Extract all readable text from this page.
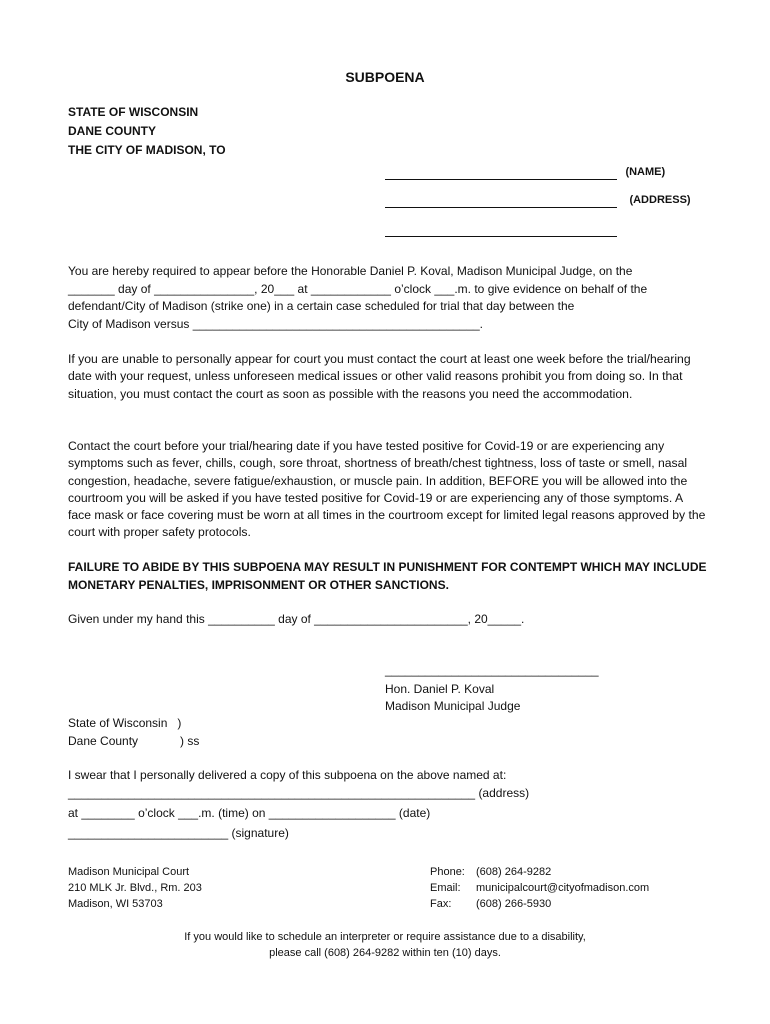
SUBPOENA
STATE OF WISCONSIN
DANE COUNTY
THE CITY OF MADISON, TO
(NAME)
(ADDRESS)
You are hereby required to appear before the Honorable Daniel P. Koval, Madison Municipal Judge, on the
_______ day of _______________, 20___ at ____________ o’clock ___.m. to give evidence on behalf of the
defendant/City of Madison (strike one) in a certain case scheduled for trial that day between the
City of Madison versus ___________________________________________.
If you are unable to personally appear for court you must contact the court at least one week before the trial/hearing date with your request, unless unforeseen medical issues or other valid reasons prohibit you from doing so. In that situation, you must contact the court as soon as possible with the reasons you need the accommodation.
Contact the court before your trial/hearing date if you have tested positive for Covid-19 or are experiencing any symptoms such as fever, chills, cough, sore throat, shortness of breath/chest tightness, loss of taste or smell, nasal congestion, headache, severe fatigue/exhaustion, or muscle pain. In addition, BEFORE you will be allowed into the courtroom you will be asked if you have tested positive for Covid-19 or are experiencing any of those symptoms. A face mask or face covering must be worn at all times in the courtroom except for limited legal reasons approved by the court with proper safety protocols.
FAILURE TO ABIDE BY THIS SUBPOENA MAY RESULT IN PUNISHMENT FOR CONTEMPT WHICH MAY INCLUDE MONETARY PENALTIES, IMPRISONMENT OR OTHER SANCTIONS.
Given under my hand this __________ day of _______________________, 20_____.
________________________________
Hon. Daniel P. Koval
Madison Municipal Judge
State of Wisconsin   )
Dane County	) ss
I swear that I personally delivered a copy of this subpoena on the above named at:
_____________________________________________________________ (address)
at ________ o’clock ___.m. (time) on ___________________ (date)
________________________ (signature)
Madison Municipal Court
210 MLK Jr. Blvd., Rm. 203
Madison, WI 53703
Phone: (608) 264-9282
Email: municipalcourt@cityofmadison.com
Fax: (608) 266-5930
If you would like to schedule an interpreter or require assistance due to a disability,
please call (608) 264-9282 within ten (10) days.
